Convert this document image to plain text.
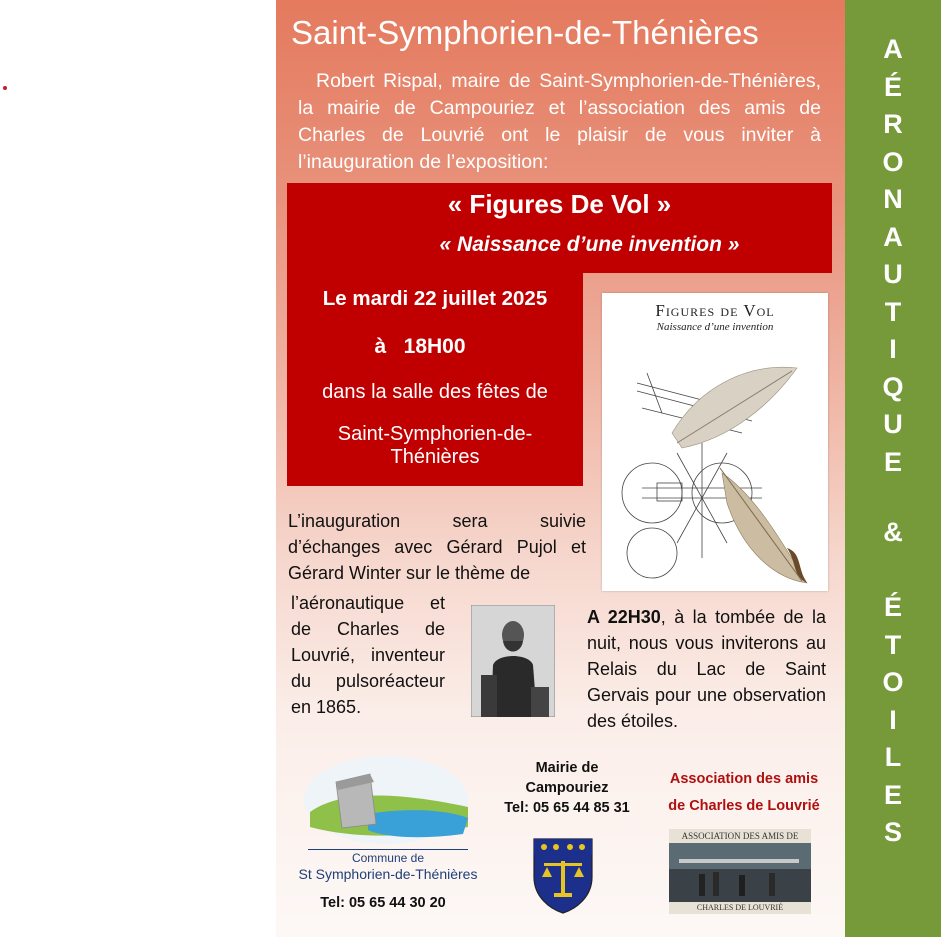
A
É
R
O
N
A
U
T
I
Q
U
E
&
É
T
O
I
L
E
S
Saint-Symphorien-de-Thénières
Robert Rispal, maire de Saint-Symphorien-de-Thénières, la mairie de Campouriez et l’association des amis de Charles de Louvrié ont le plaisir de vous inviter à l’inauguration de l’exposition:
« Figures De Vol »
« Naissance d’une invention »
Le mardi 22 juillet 2025
à   18H00
dans la salle des fêtes de
Saint-Symphorien-de-Thénières
Figures de Vol
Naissance d’une invention
L’inauguration sera suivie d’échanges avec Gérard Pujol et Gérard Winter sur le thème de
l’aéronautique et de Charles de Louvrié, inventeur du pulsoréacteur en 1865.
A 22H30, à la tombée de la nuit, nous vous inviterons au Relais du Lac de Saint Gervais pour une observation des étoiles.
Commune de
St Symphorien-de-Thénières
Tel: 05 65 44 30 20
Mairie de
Campouriez
Tel: 05 65 44 85 31
Association des amis
de Charles de Louvrié
ASSOCIATION DES AMIS DE
CHARLES DE LOUVRIÉ
